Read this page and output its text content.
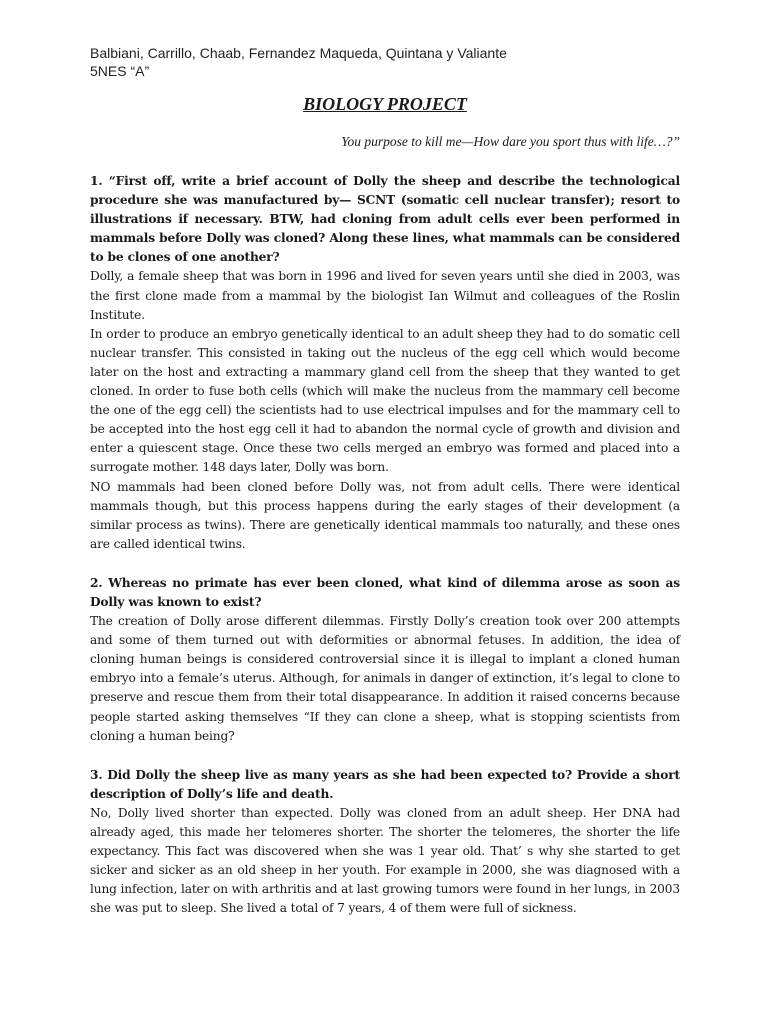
Balbiani, Carrillo, Chaab, Fernandez Maqueda, Quintana y Valiante

5NES “A”

BIOLOGY PROJECT

You purpose to kill me—How dare you sport thus with life…?”

1. “First off, write a brief account of Dolly the sheep and describe the technological procedure she was manufactured by— SCNT (somatic cell nuclear transfer); resort to illustrations if necessary. BTW, had cloning from adult cells ever been performed in mammals before Dolly was cloned? Along these lines, what mammals can be considered to be clones of one another?

Dolly, a female sheep that was born in 1996 and lived for seven years until she died in 2003, was the first clone made from a mammal by the biologist Ian Wilmut and colleagues of the Roslin Institute.

In order to produce an embryo genetically identical to an adult sheep they had to do somatic cell nuclear transfer. This consisted in taking out the nucleus of the egg cell which would become later on the host and extracting a mammary gland cell from the sheep that they wanted to get cloned. In order to fuse both cells (which will make the nucleus from the mammary cell become the one of the egg cell) the scientists had to use electrical impulses and for the mammary cell to be accepted into the host egg cell it had to abandon the normal cycle of growth and division and enter a quiescent stage. Once these two cells merged an embryo was formed and placed into a surrogate mother. 148 days later, Dolly was born.

NO mammals had been cloned before Dolly was, not from adult cells. There were identical mammals though, but this process happens during the early stages of their development (a similar process as twins). There are genetically identical mammals too naturally, and these ones are called identical twins.

2. Whereas no primate has ever been cloned, what kind of dilemma arose as soon as Dolly was known to exist?

The creation of Dolly arose different dilemmas. Firstly Dolly’s creation took over 200 attempts and some of them turned out with deformities or abnormal fetuses. In addition, the idea of cloning human beings is considered controversial since it is illegal to implant a cloned human embryo into a female’s uterus. Although, for animals in danger of extinction, it’s legal to clone to preserve and rescue them from their total disappearance. In addition it raised concerns because people started asking themselves “If they can clone a sheep, what is stopping scientists from cloning a human being?

3. Did Dolly the sheep live as many years as she had been expected to? Provide a short description of Dolly’s life and death.

No, Dolly lived shorter than expected. Dolly was cloned from an adult sheep. Her DNA had already aged, this made her telomeres shorter. The shorter the telomeres, the shorter the life expectancy. This fact was discovered when she was 1 year old. That’ s why she started to get sicker and sicker as an old sheep in her youth. For example in 2000, she was diagnosed with a lung infection, later on with arthritis and at last growing tumors were found in her lungs, in 2003 she was put to sleep. She lived a total of 7 years, 4 of them were full of sickness.
